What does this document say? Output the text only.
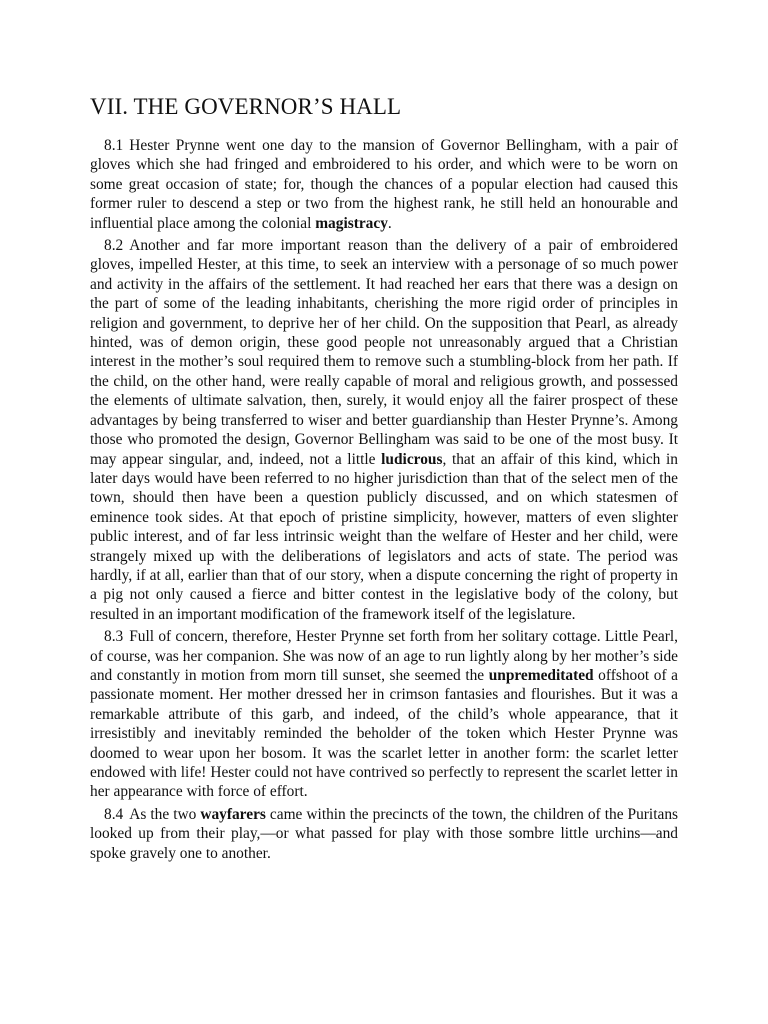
VII. THE GOVERNOR’S HALL

8.1 Hester Prynne went one day to the mansion of Governor Bellingham, with a pair of gloves which she had fringed and embroidered to his order, and which were to be worn on some great occasion of state; for, though the chances of a popular election had caused this former ruler to descend a step or two from the highest rank, he still held an honourable and influential place among the colonial magistracy.

8.2 Another and far more important reason than the delivery of a pair of embroidered gloves, impelled Hester, at this time, to seek an interview with a personage of so much power and activity in the affairs of the settlement. It had reached her ears that there was a design on the part of some of the leading inhabitants, cherishing the more rigid order of principles in religion and government, to deprive her of her child. On the supposition that Pearl, as already hinted, was of demon origin, these good people not unreasonably argued that a Christian interest in the mother’s soul required them to remove such a stumbling-block from her path. If the child, on the other hand, were really capable of moral and religious growth, and possessed the elements of ultimate salvation, then, surely, it would enjoy all the fairer prospect of these advantages by being transferred to wiser and better guardianship than Hester Prynne’s. Among those who promoted the design, Governor Bellingham was said to be one of the most busy. It may appear singular, and, indeed, not a little ludicrous, that an affair of this kind, which in later days would have been referred to no higher jurisdiction than that of the select men of the town, should then have been a question publicly discussed, and on which statesmen of eminence took sides. At that epoch of pristine simplicity, however, matters of even slighter public interest, and of far less intrinsic weight than the welfare of Hester and her child, were strangely mixed up with the deliberations of legislators and acts of state. The period was hardly, if at all, earlier than that of our story, when a dispute concerning the right of property in a pig not only caused a fierce and bitter contest in the legislative body of the colony, but resulted in an important modification of the framework itself of the legislature.

8.3 Full of concern, therefore, Hester Prynne set forth from her solitary cottage. Little Pearl, of course, was her companion. She was now of an age to run lightly along by her mother’s side and constantly in motion from morn till sunset, she seemed the unpremeditated offshoot of a passionate moment. Her mother dressed her in crimson fantasies and flourishes. But it was a remarkable attribute of this garb, and indeed, of the child’s whole appearance, that it irresistibly and inevitably reminded the beholder of the token which Hester Prynne was doomed to wear upon her bosom. It was the scarlet letter in another form: the scarlet letter endowed with life! Hester could not have contrived so perfectly to represent the scarlet letter in her appearance with force of effort.

8.4 As the two wayfarers came within the precincts of the town, the children of the Puritans looked up from their play,—or what passed for play with those sombre little urchins—and spoke gravely one to another.
